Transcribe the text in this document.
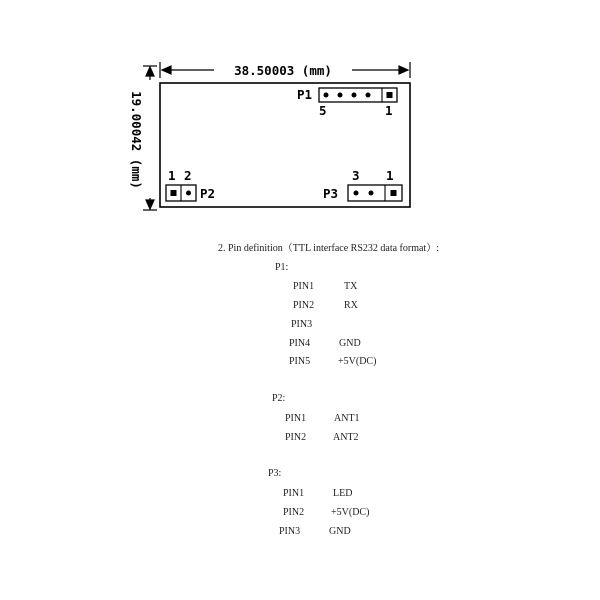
38.50003 (mm)
19.00042 (mm)	P1
5	1
1 2
P2	P3
3 1
2. Pin definition（TTL interface RS232 data format）:
P1:
PIN1	TX
PIN2	RX
PIN3
PIN4	GND
PIN5	+5V(DC)
P2:
PIN1	ANT1
PIN2	ANT2
P3:
PIN1	LED
PIN2	+5V(DC)
PIN3	GND
